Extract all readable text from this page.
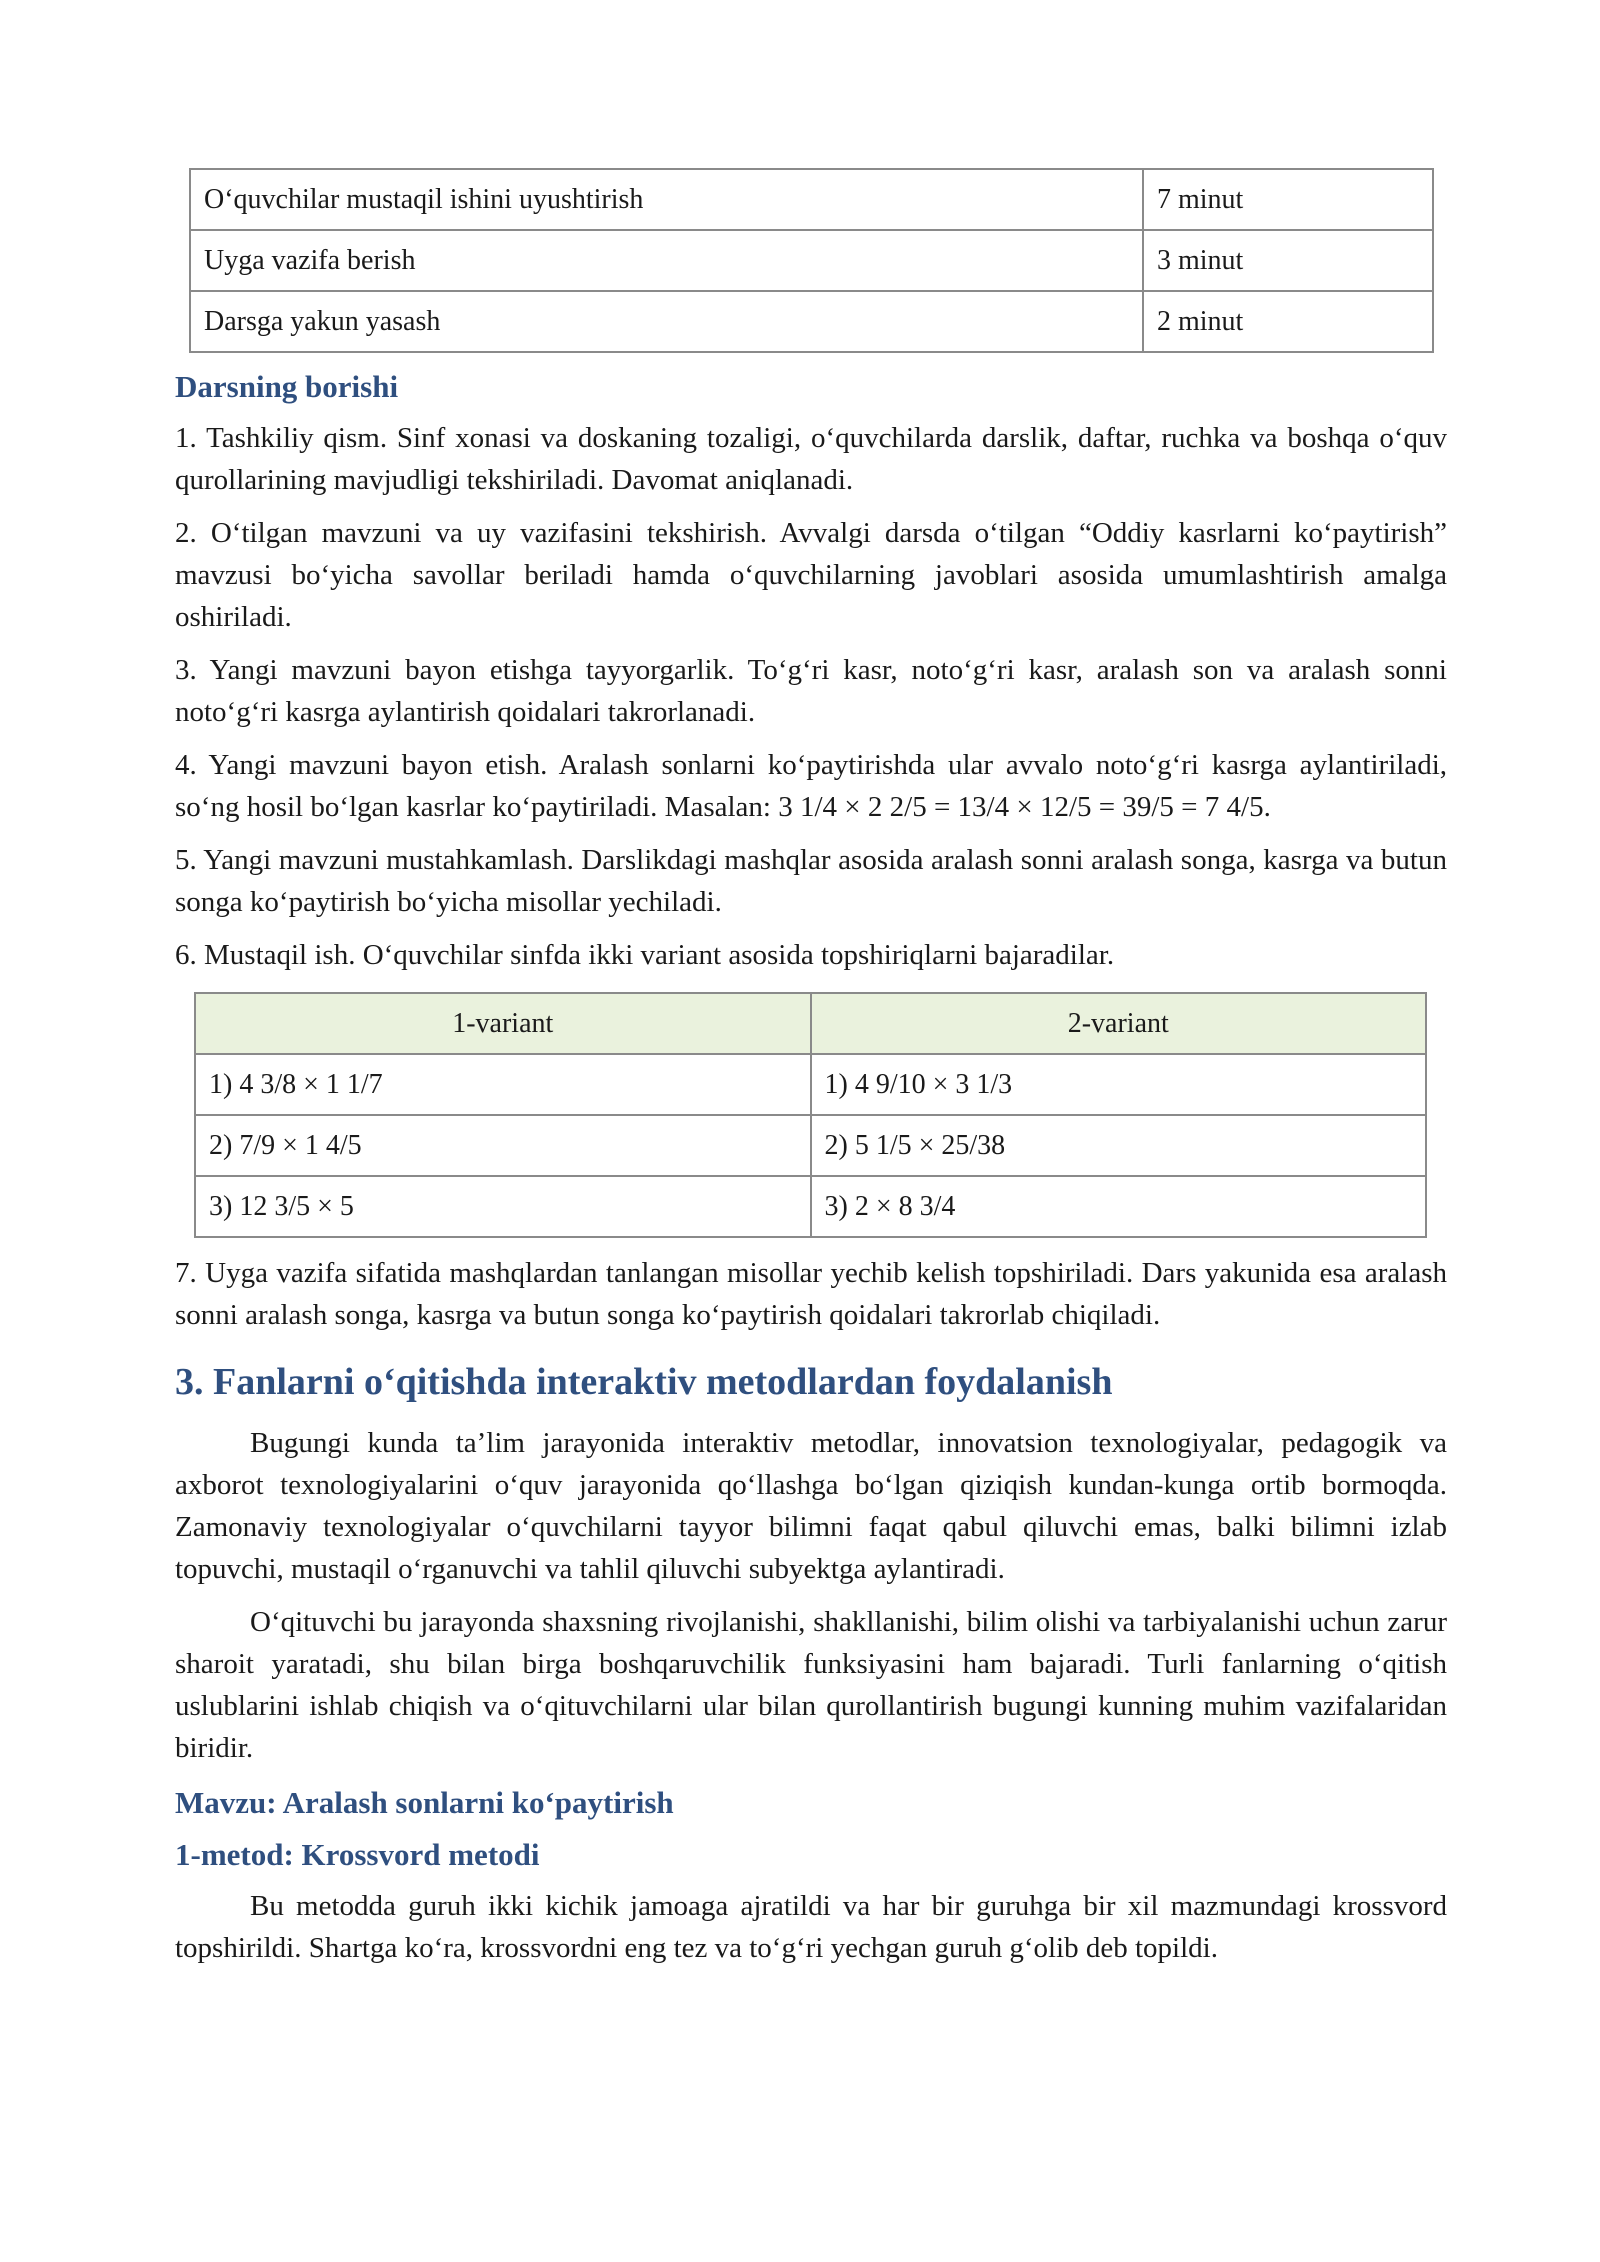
O‘quvchilar mustaqil ishini uyushtirish	7 minut
Uyga vazifa berish	3 minut
Darsga yakun yasash	2 minut
Darsning borishi

1. Tashkiliy qism. Sinf xonasi va doskaning tozaligi, o‘quvchilarda darslik, daftar, ruchka va boshqa o‘quv qurollarining mavjudligi tekshiriladi. Davomat aniqlanadi.

2. O‘tilgan mavzuni va uy vazifasini tekshirish. Avvalgi darsda o‘tilgan “Oddiy kasrlarni ko‘paytirish” mavzusi bo‘yicha savollar beriladi hamda o‘quvchilarning javoblari asosida umumlashtirish amalga oshiriladi.

3. Yangi mavzuni bayon etishga tayyorgarlik. To‘g‘ri kasr, noto‘g‘ri kasr, aralash son va aralash sonni noto‘g‘ri kasrga aylantirish qoidalari takrorlanadi.

4. Yangi mavzuni bayon etish. Aralash sonlarni ko‘paytirishda ular avvalo noto‘g‘ri kasrga aylantiriladi, so‘ng hosil bo‘lgan kasrlar ko‘paytiriladi. Masalan: 3 1/4 × 2 2/5 = 13/4 × 12/5 = 39/5 = 7 4/5.

5. Yangi mavzuni mustahkamlash. Darslikdagi mashqlar asosida aralash sonni aralash songa, kasrga va butun songa ko‘paytirish bo‘yicha misollar yechiladi.

6. Mustaqil ish. O‘quvchilar sinfda ikki variant asosida topshiriqlarni bajaradilar.

1-variant	2-variant
1) 4 3/8 × 1 1/7	1) 4 9/10 × 3 1/3
2) 7/9 × 1 4/5	2) 5 1/5 × 25/38
3) 12 3/5 × 5	3) 2 × 8 3/4

7. Uyga vazifa sifatida mashqlardan tanlangan misollar yechib kelish topshiriladi. Dars yakunida esa aralash sonni aralash songa, kasrga va butun songa ko‘paytirish qoidalari takrorlab chiqiladi.

3. Fanlarni o‘qitishda interaktiv metodlardan foydalanish

Bugungi kunda ta’lim jarayonida interaktiv metodlar, innovatsion texnologiyalar, pedagogik va axborot texnologiyalarini o‘quv jarayonida qo‘llashga bo‘lgan qiziqish kundan-kunga ortib bormoqda. Zamonaviy texnologiyalar o‘quvchilarni tayyor bilimni faqat qabul qiluvchi emas, balki bilimni izlab topuvchi, mustaqil o‘rganuvchi va tahlil qiluvchi subyektga aylantiradi.

O‘qituvchi bu jarayonda shaxsning rivojlanishi, shakllanishi, bilim olishi va tarbiyalanishi uchun zarur sharoit yaratadi, shu bilan birga boshqaruvchilik funksiyasini ham bajaradi. Turli fanlarning o‘qitish uslublarini ishlab chiqish va o‘qituvchilarni ular bilan qurollantirish bugungi kunning muhim vazifalaridan biridir.

Mavzu: Aralash sonlarni ko‘paytirish
1-metod: Krossvord metodi

Bu metodda guruh ikki kichik jamoaga ajratildi va har bir guruhga bir xil mazmundagi krossvord topshirildi. Shartga ko‘ra, krossvordni eng tez va to‘g‘ri yechgan guruh g‘olib deb topildi.
